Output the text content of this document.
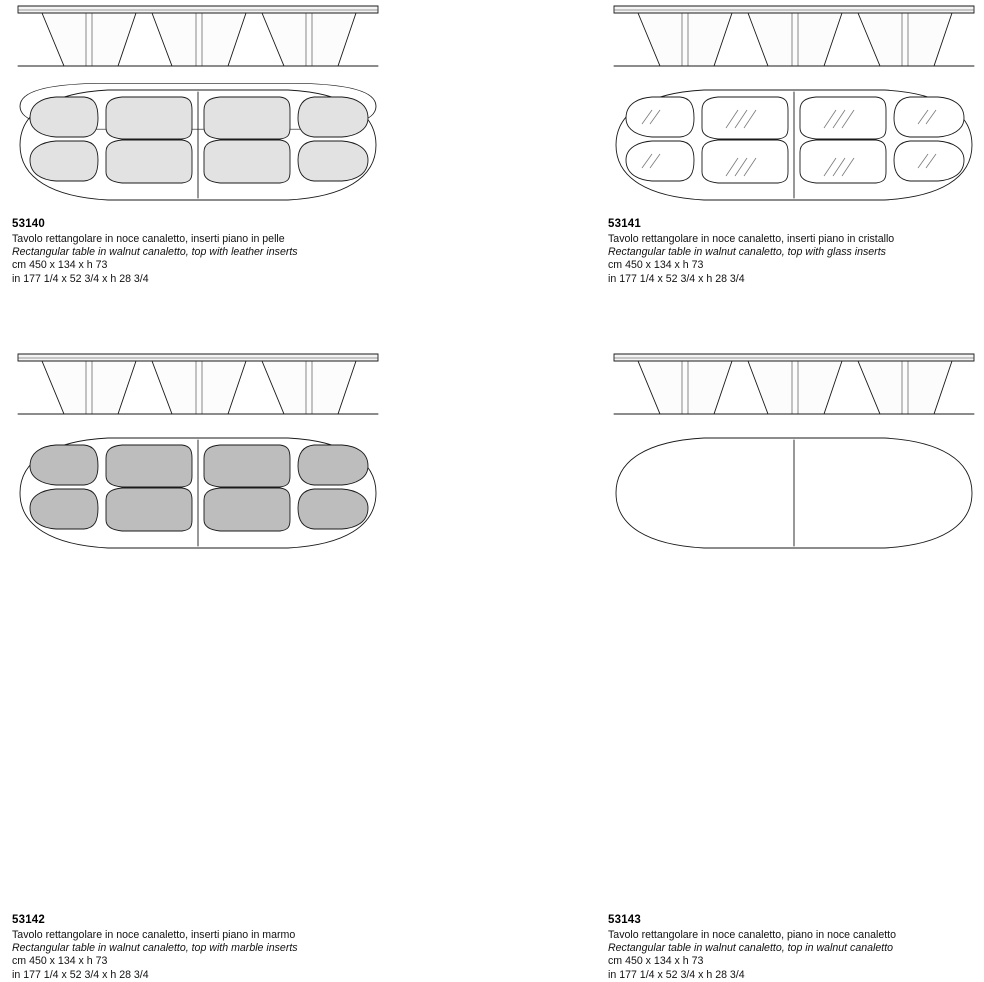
53140
Tavolo rettangolare in noce canaletto, inserti piano in pelle
Rectangular table in walnut canaletto, top with leather inserts
cm 450 x 134 x h 73
in 177 1/4 x 52 3/4 x h 28 3/4
53141
Tavolo rettangolare in noce canaletto, inserti piano in cristallo
Rectangular table in walnut canaletto, top with glass inserts
cm 450 x 134 x h 73
in 177 1/4 x 52 3/4 x h 28 3/4
53142
Tavolo rettangolare in noce canaletto, inserti piano in marmo
Rectangular table in walnut canaletto, top with marble inserts
cm 450 x 134 x h 73
in 177 1/4 x 52 3/4 x h 28 3/4
53143
Tavolo rettangolare in noce canaletto, piano in noce canaletto
Rectangular table in walnut canaletto, top in walnut canaletto
cm 450 x 134 x h 73
in 177 1/4 x 52 3/4 x h 28 3/4
